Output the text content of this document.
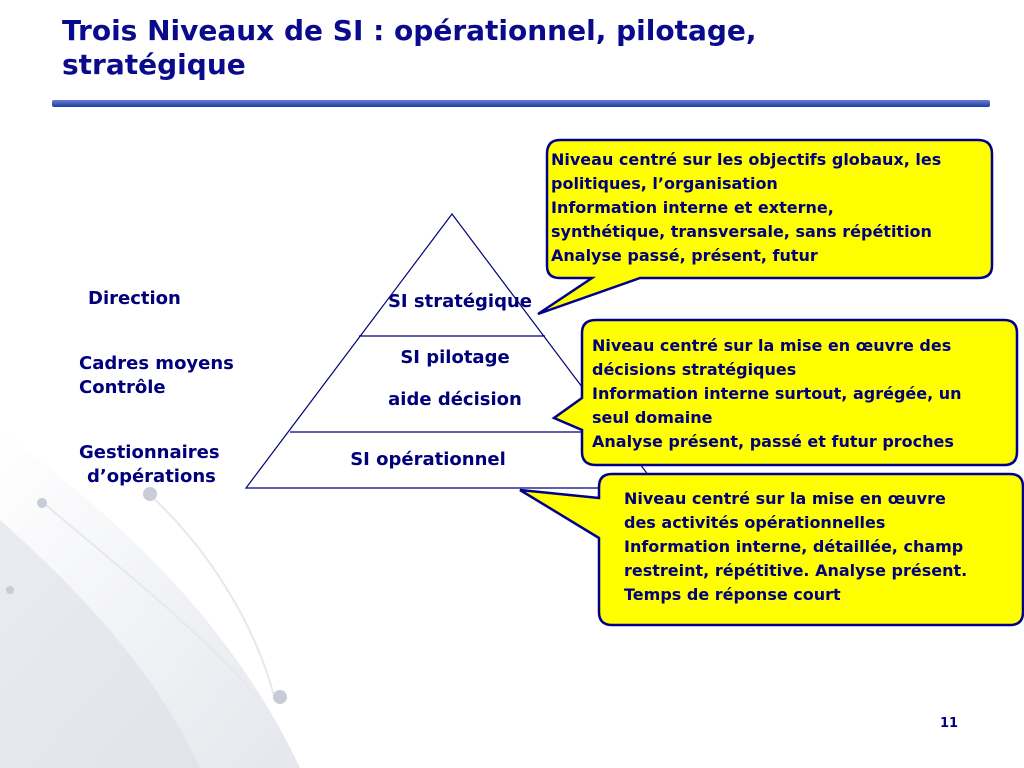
Trois Niveaux de SI : opérationnel, pilotage,
stratégique
Direction
Cadres moyens
Contrôle
Gestionnaires
d’opérations
SI stratégique
SI pilotage
aide décision
SI opérationnel
Niveau centré sur les objectifs globaux, les
politiques, l’organisation
Information interne et externe,
synthétique, transversale, sans répétition
Analyse passé, présent, futur
Niveau centré sur la mise en œuvre des
décisions stratégiques
Information interne surtout, agrégée, un
seul domaine
Analyse présent, passé et futur proches
Niveau centré sur la mise en œuvre
des activités opérationnelles
Information interne, détaillée, champ
restreint, répétitive. Analyse présent.
Temps de réponse court
11
